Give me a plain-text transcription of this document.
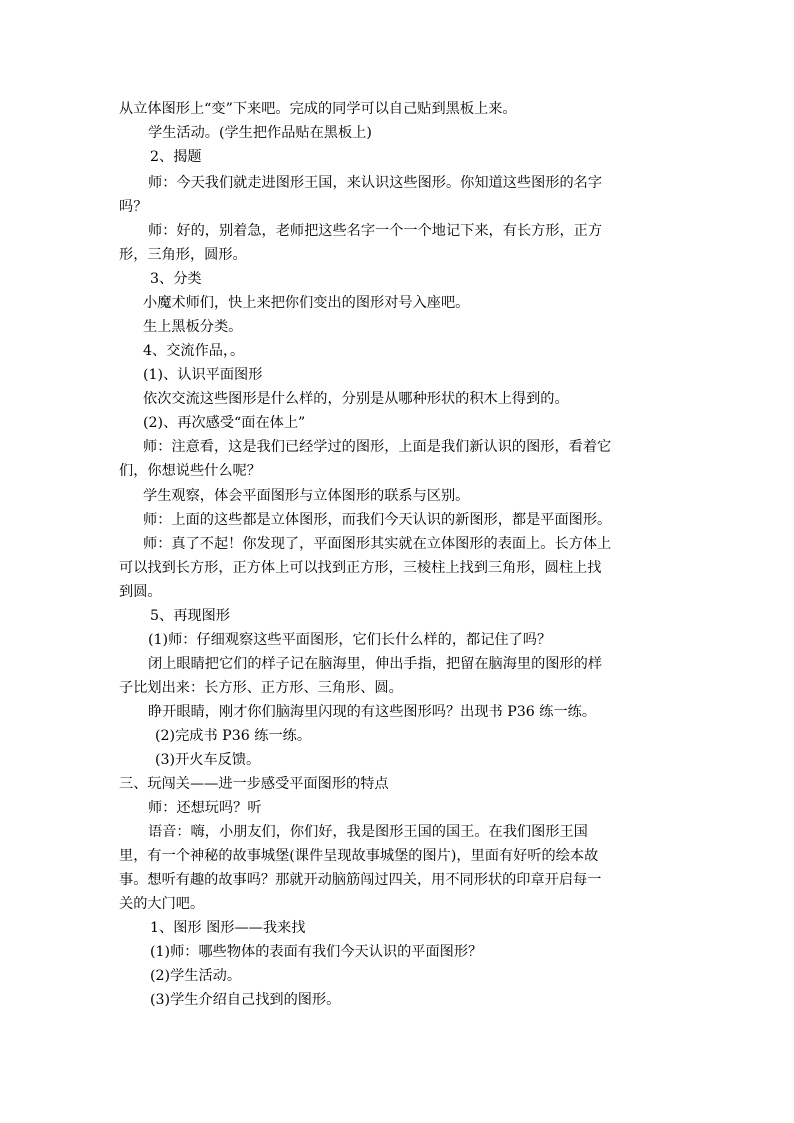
从立体图形上“变”下来吧。完成的同学可以自己贴到黑板上来。
学生活动。(学生把作品贴在黑板上)
2、揭题
师：今天我们就走进图形王国，来认识这些图形。你知道这些图形的名字
吗？
师：好的，别着急，老师把这些名字一个一个地记下来，有长方形，正方
形，三角形，圆形。
3、分类
小魔术师们，快上来把你们变出的图形对号入座吧。
生上黑板分类。
4、交流作品，。
(1)、认识平面图形
依次交流这些图形是什么样的，分别是从哪种形状的积木上得到的。
(2)、再次感受“面在体上”
师：注意看，这是我们已经学过的图形，上面是我们新认识的图形，看着它
们，你想说些什么呢？
学生观察，体会平面图形与立体图形的联系与区别。
师：上面的这些都是立体图形，而我们今天认识的新图形，都是平面图形。
师：真了不起！你发现了，平面图形其实就在立体图形的表面上。长方体上
可以找到长方形，正方体上可以找到正方形，三棱柱上找到三角形，圆柱上找
到圆。
5、再现图形
(1)师：仔细观察这些平面图形，它们长什么样的，都记住了吗？
闭上眼睛把它们的样子记在脑海里，伸出手指，把留在脑海里的图形的样
子比划出来：长方形、正方形、三角形、圆。
睁开眼睛，刚才你们脑海里闪现的有这些图形吗？出现书 P36 练一练。
(2)完成书 P36 练一练。
(3)开火车反馈。
三、玩闯关——进一步感受平面图形的特点
师：还想玩吗？听
语音：嗨，小朋友们，你们好，我是图形王国的国王。在我们图形王国
里，有一个神秘的故事城堡(课件呈现故事城堡的图片)，里面有好听的绘本故
事。想听有趣的故事吗？那就开动脑筋闯过四关，用不同形状的印章开启每一
关的大门吧。
1、图形 图形——我来找
(1)师：哪些物体的表面有我们今天认识的平面图形？
(2)学生活动。
(3)学生介绍自己找到的图形。
